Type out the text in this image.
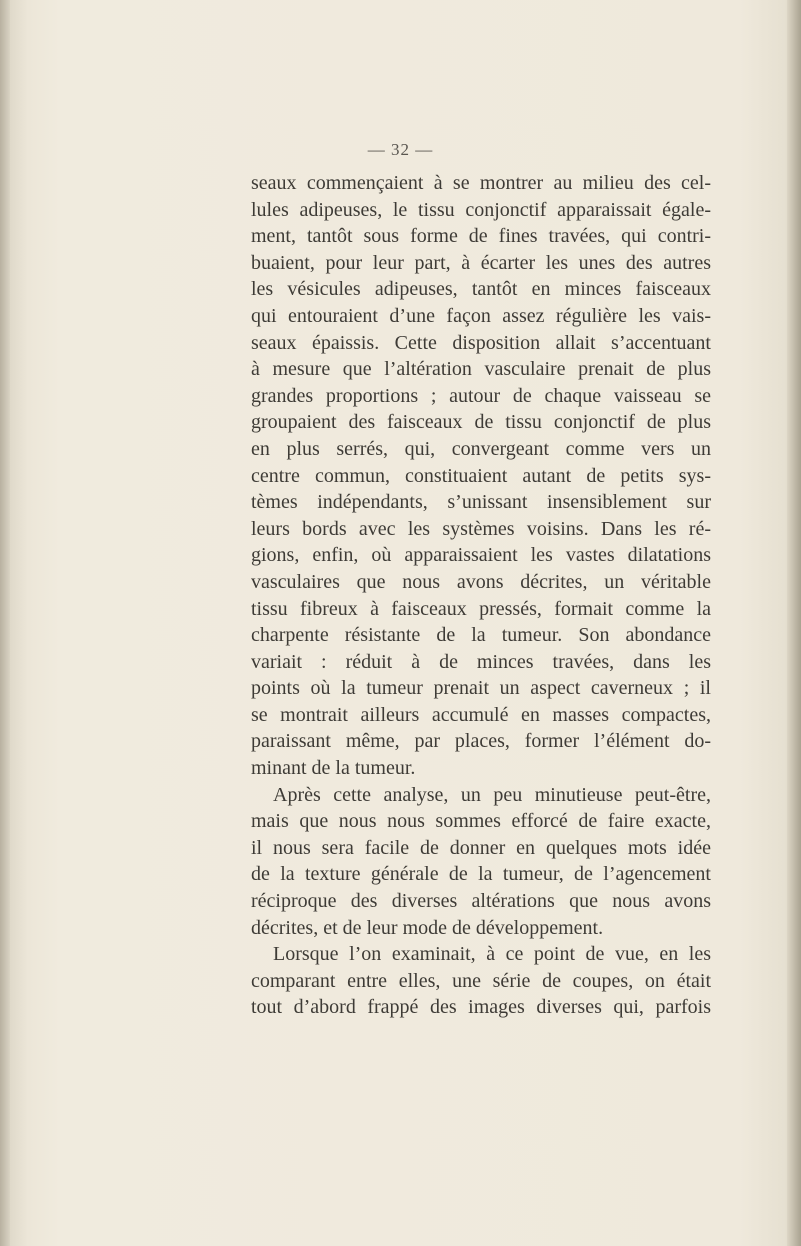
— 32 —
seaux commençaient à se montrer au milieu des cel-
lules adipeuses, le tissu conjonctif apparaissait égale-
ment, tantôt sous forme de fines travées, qui contri-
buaient, pour leur part, à écarter les unes des autres
les vésicules adipeuses, tantôt en minces faisceaux
qui entouraient d’une façon assez régulière les vais-
seaux épaissis. Cette disposition allait s’accentuant
à mesure que l’altération vasculaire prenait de plus
grandes proportions ; autour de chaque vaisseau se
groupaient des faisceaux de tissu conjonctif de plus
en plus serrés, qui, convergeant comme vers un
centre commun, constituaient autant de petits sys-
tèmes indépendants, s’unissant insensiblement sur
leurs bords avec les systèmes voisins. Dans les ré-
gions, enfin, où apparaissaient les vastes dilatations
vasculaires que nous avons décrites, un véritable
tissu fibreux à faisceaux pressés, formait comme la
charpente résistante de la tumeur. Son abondance
variait : réduit à de minces travées, dans les
points où la tumeur prenait un aspect caverneux ; il
se montrait ailleurs accumulé en masses compactes,
paraissant même, par places, former l’élément do-
minant de la tumeur.
Après cette analyse, un peu minutieuse peut-être,
mais que nous nous sommes efforcé de faire exacte,
il nous sera facile de donner en quelques mots idée
de la texture générale de la tumeur, de l’agencement
réciproque des diverses altérations que nous avons
décrites, et de leur mode de développement.
Lorsque l’on examinait, à ce point de vue, en les
comparant entre elles, une série de coupes, on était
tout d’abord frappé des images diverses qui, parfois
